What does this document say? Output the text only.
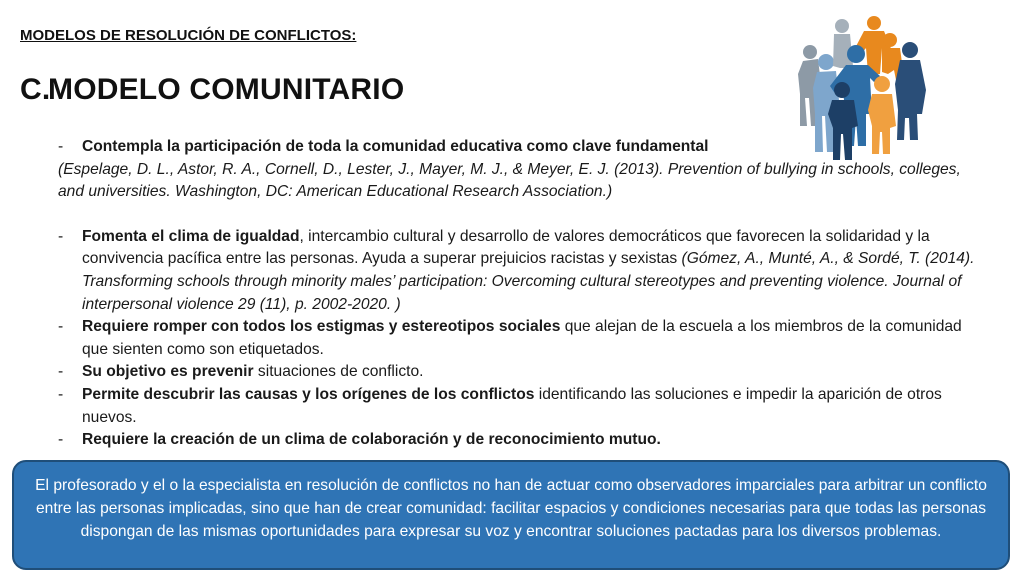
MODELOS DE RESOLUCIÓN DE CONFLICTOS:
C.MODELO COMUNITARIO
- Contempla la participación de toda la comunidad educativa como clave fundamental
(Espelage, D. L., Astor, R. A., Cornell, D., Lester, J., Mayer, M. J., & Meyer, E. J. (2013). Prevention of bullying in schools, colleges, and universities. Washington, DC: American Educational Research Association.)
- Fomenta el clima de igualdad, intercambio cultural y desarrollo de valores democráticos que favorecen la solidaridad y la convivencia pacífica entre las personas. Ayuda a superar prejuicios racistas y sexistas (Gómez, A., Munté, A., & Sordé, T. (2014). Transforming schools through minority males’ participation: Overcoming cultural stereotypes and preventing violence. Journal of interpersonal violence 29 (11), p. 2002-2020. )
- Requiere romper con todos los estigmas y estereotipos sociales que alejan de la escuela a los miembros de la comunidad que sienten como son etiquetados.
- Su objetivo es prevenir situaciones de conflicto.
- Permite descubrir las causas y los orígenes de los conflictos identificando las soluciones e impedir la aparición de otros nuevos.
- Requiere la creación de un clima de colaboración y de reconocimiento mutuo.
El profesorado y el o la especialista en resolución de conflictos no han de actuar como observadores imparciales para arbitrar un conflicto entre las personas implicadas, sino que han de crear comunidad: facilitar espacios y condiciones necesarias para que todas las personas dispongan de las mismas oportunidades para expresar su voz y encontrar soluciones pactadas para los diversos problemas.
